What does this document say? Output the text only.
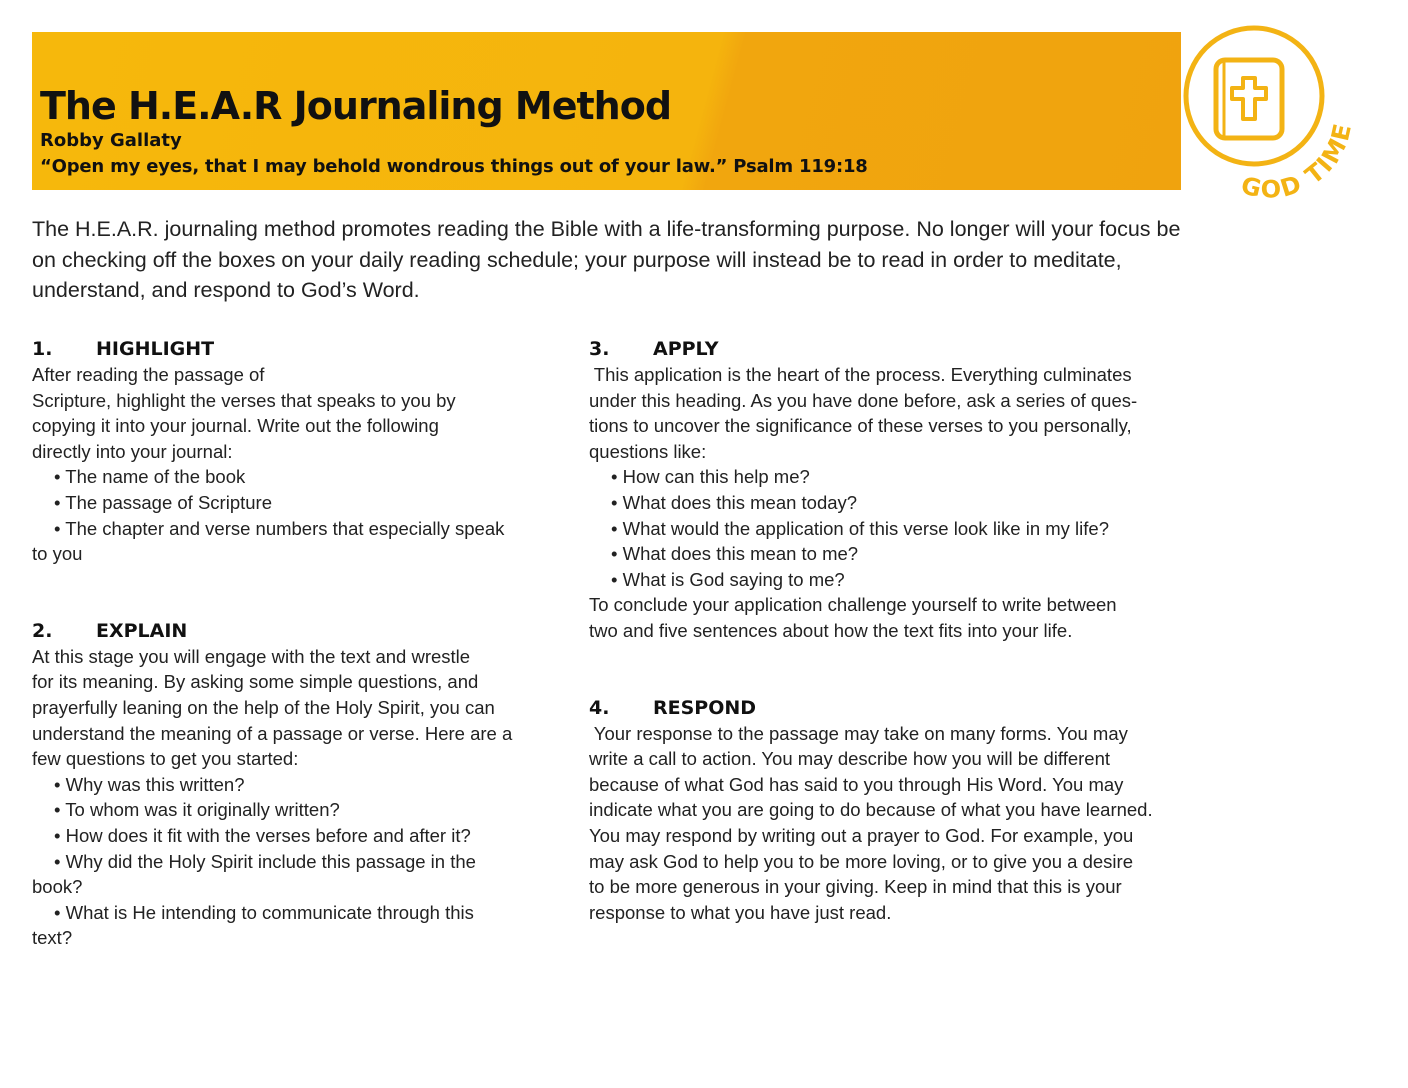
The H.E.A.R Journaling Method
Robby Gallaty
“Open my eyes, that I may behold wondrous things out of your law.” Psalm 119:18
GOD TIME
The H.E.A.R. journaling method promotes reading the Bible with a life-transforming purpose. No longer will your focus be on checking off the boxes on your daily reading schedule; your purpose will instead be to read in order to meditate, understand, and respond to God’s Word.
1. HIGHLIGHT

After reading the passage of

Scripture, highlight the verses that speaks to you by

copying it into your journal. Write out the following

directly into your journal:

• The name of the book

• The passage of Scripture

• The chapter and verse numbers that especially speak

to you

2. EXPLAIN

At this stage you will engage with the text and wrestle

for its meaning. By asking some simple questions, and

prayerfully leaning on the help of the Holy Spirit, you can

understand the meaning of a passage or verse. Here are a

few questions to get you started:

• Why was this written?

• To whom was it originally written?

• How does it fit with the verses before and after it?

• Why did the Holy Spirit include this passage in the

book?

• What is He intending to communicate through this

text?

3. APPLY

This application is the heart of the process. Everything culminates

under this heading. As you have done before, ask a series of ques-

tions to uncover the significance of these verses to you personally,

questions like:

• How can this help me?

• What does this mean today?

• What would the application of this verse look like in my life?

• What does this mean to me?

• What is God saying to me?

To conclude your application challenge yourself to write between

two and five sentences about how the text fits into your life.

4. RESPOND

Your response to the passage may take on many forms. You may

write a call to action. You may describe how you will be different

because of what God has said to you through His Word. You may

indicate what you are going to do because of what you have learned.

You may respond by writing out a prayer to God. For example, you

may ask God to help you to be more loving, or to give you a desire

to be more generous in your giving. Keep in mind that this is your

response to what you have just read.
